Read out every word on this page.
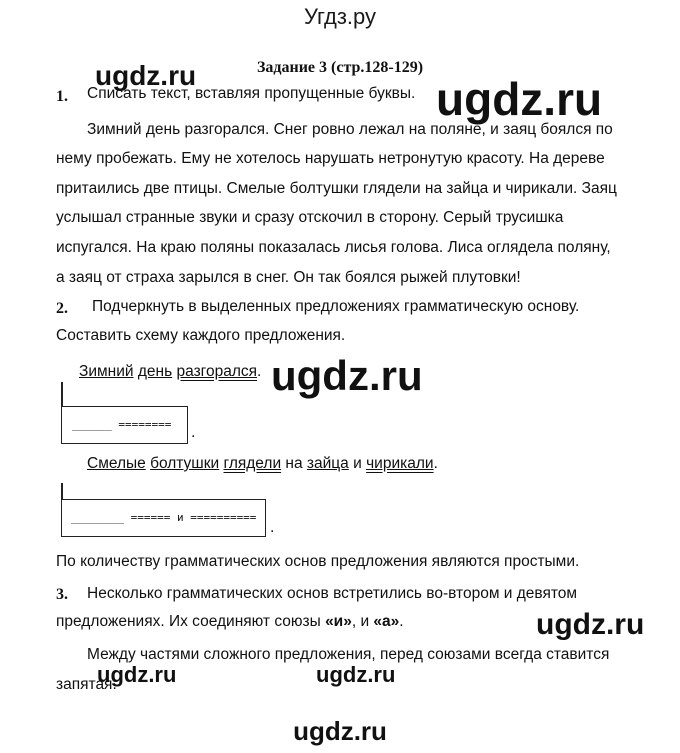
Угдз.ру
Задание 3 (стр.128-129)
1. Списать текст, вставляя пропущенные буквы.
Зимний день разгорался. Снег ровно лежал на поляне, и заяц боялся по
нему пробежать. Ему не хотелось нарушать нетронутую красоту. На дереве
притаились две птицы. Смелые болтушки глядели на зайца и чирикали. Заяц
услышал странные звуки и сразу отскочил в сторону. Серый трусишка
испугался. На краю поляны показалась лисья голова. Лиса оглядела поляну,
а заяц от страха зарылся в снег. Он так боялся рыжей плутовки!
2. Подчеркнуть в выделенных предложениях грамматическую основу.
Составить схему каждого предложения.
Зимний день разгорался.
______ ======== .
Смелые болтушки глядели на зайца и чирикали.
________ ====== и ==========
.
По количеству грамматических основ предложения являются простыми.
3. Несколько грамматических основ встретились во-втором и девятом
предложениях. Их соединяют союзы «и», и «а».
Между частями сложного предложения, перед союзами всегда ставится
запятая.
ugdz.ru	ugdz.ru
ugdz.ru
ugdz.ru
ugdz.ru	ugdz.ru
ugdz.ru
